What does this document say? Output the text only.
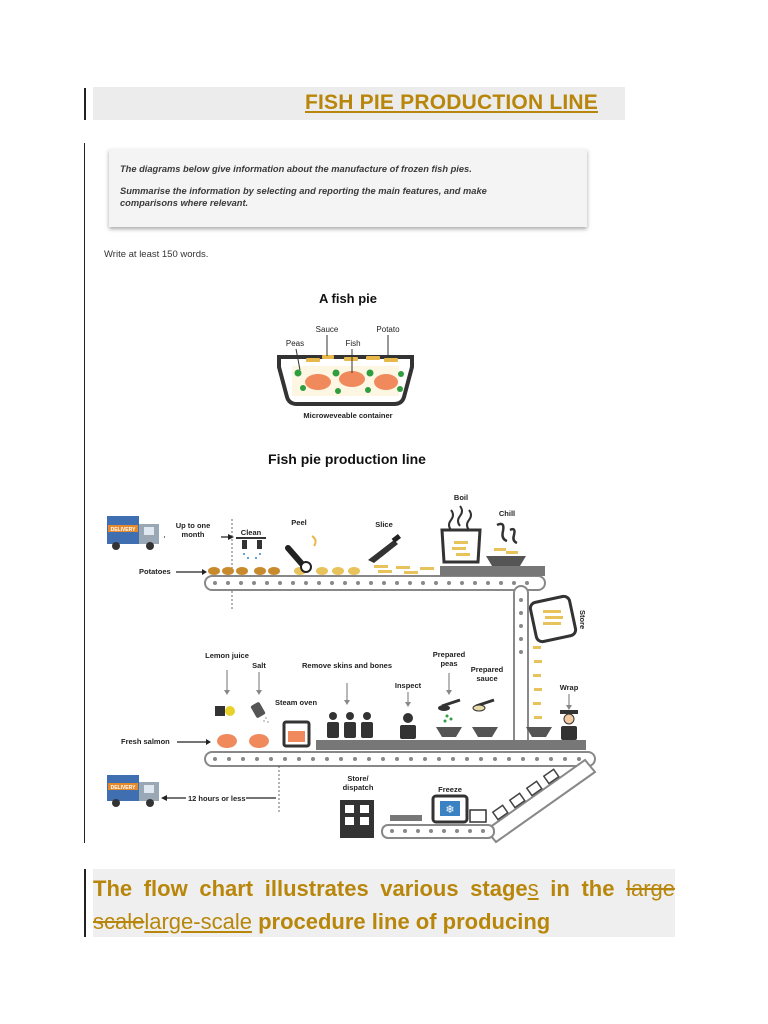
FISH PIE PRODUCTION LINE

The diagrams below give information about the manufacture of frozen fish pies.

Summarise the information by selecting and reporting the main features, and make comparisons where relevant.

Write at least 150 words.
A fish pie
Sauce	Potato
Peas	Fish
Microweveable container
Fish pie production line
DELIVERY	Up to one month
Potatoes
Clean
Peel	Slice
Boil
Chill
Store
Lemon juice
Salt
Steam oven
Remove skins and bones
Inspect
Prepared peas
Prepared sauce
Wrap
Fresh salmon
DELIVERY
12 hours or less
Store/ dispatch	Freeze
❄
The flow chart illustrates various stages in the large scalelarge-scale procedure line of producing
